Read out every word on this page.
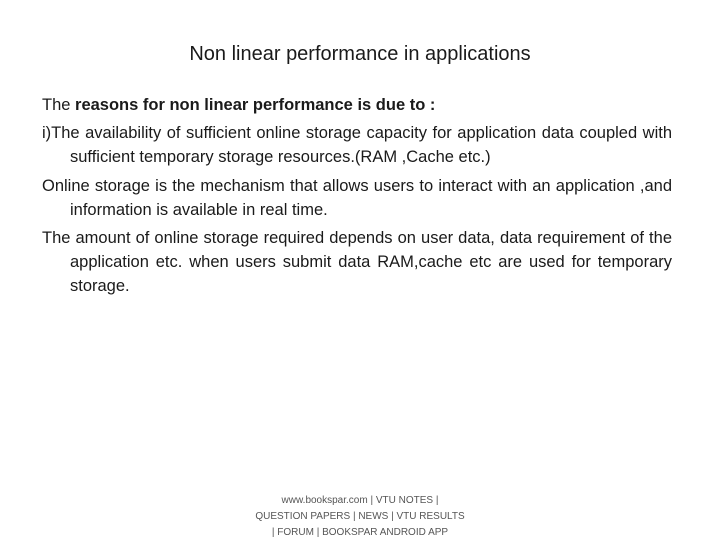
Non linear performance in applications

The reasons for non linear performance is due to :

i)The availability of sufficient online storage capacity for application data coupled with sufficient temporary storage resources.(RAM ,Cache etc.)

Online storage is the mechanism that allows users to interact with an application ,and information is available in real time.

The amount of online storage required depends on user data, data requirement of the application etc. when users submit data RAM,cache etc are used for temporary storage.

www.bookspar.com | VTU NOTES |
QUESTION PAPERS | NEWS | VTU RESULTS
| FORUM | BOOKSPAR ANDROID APP
